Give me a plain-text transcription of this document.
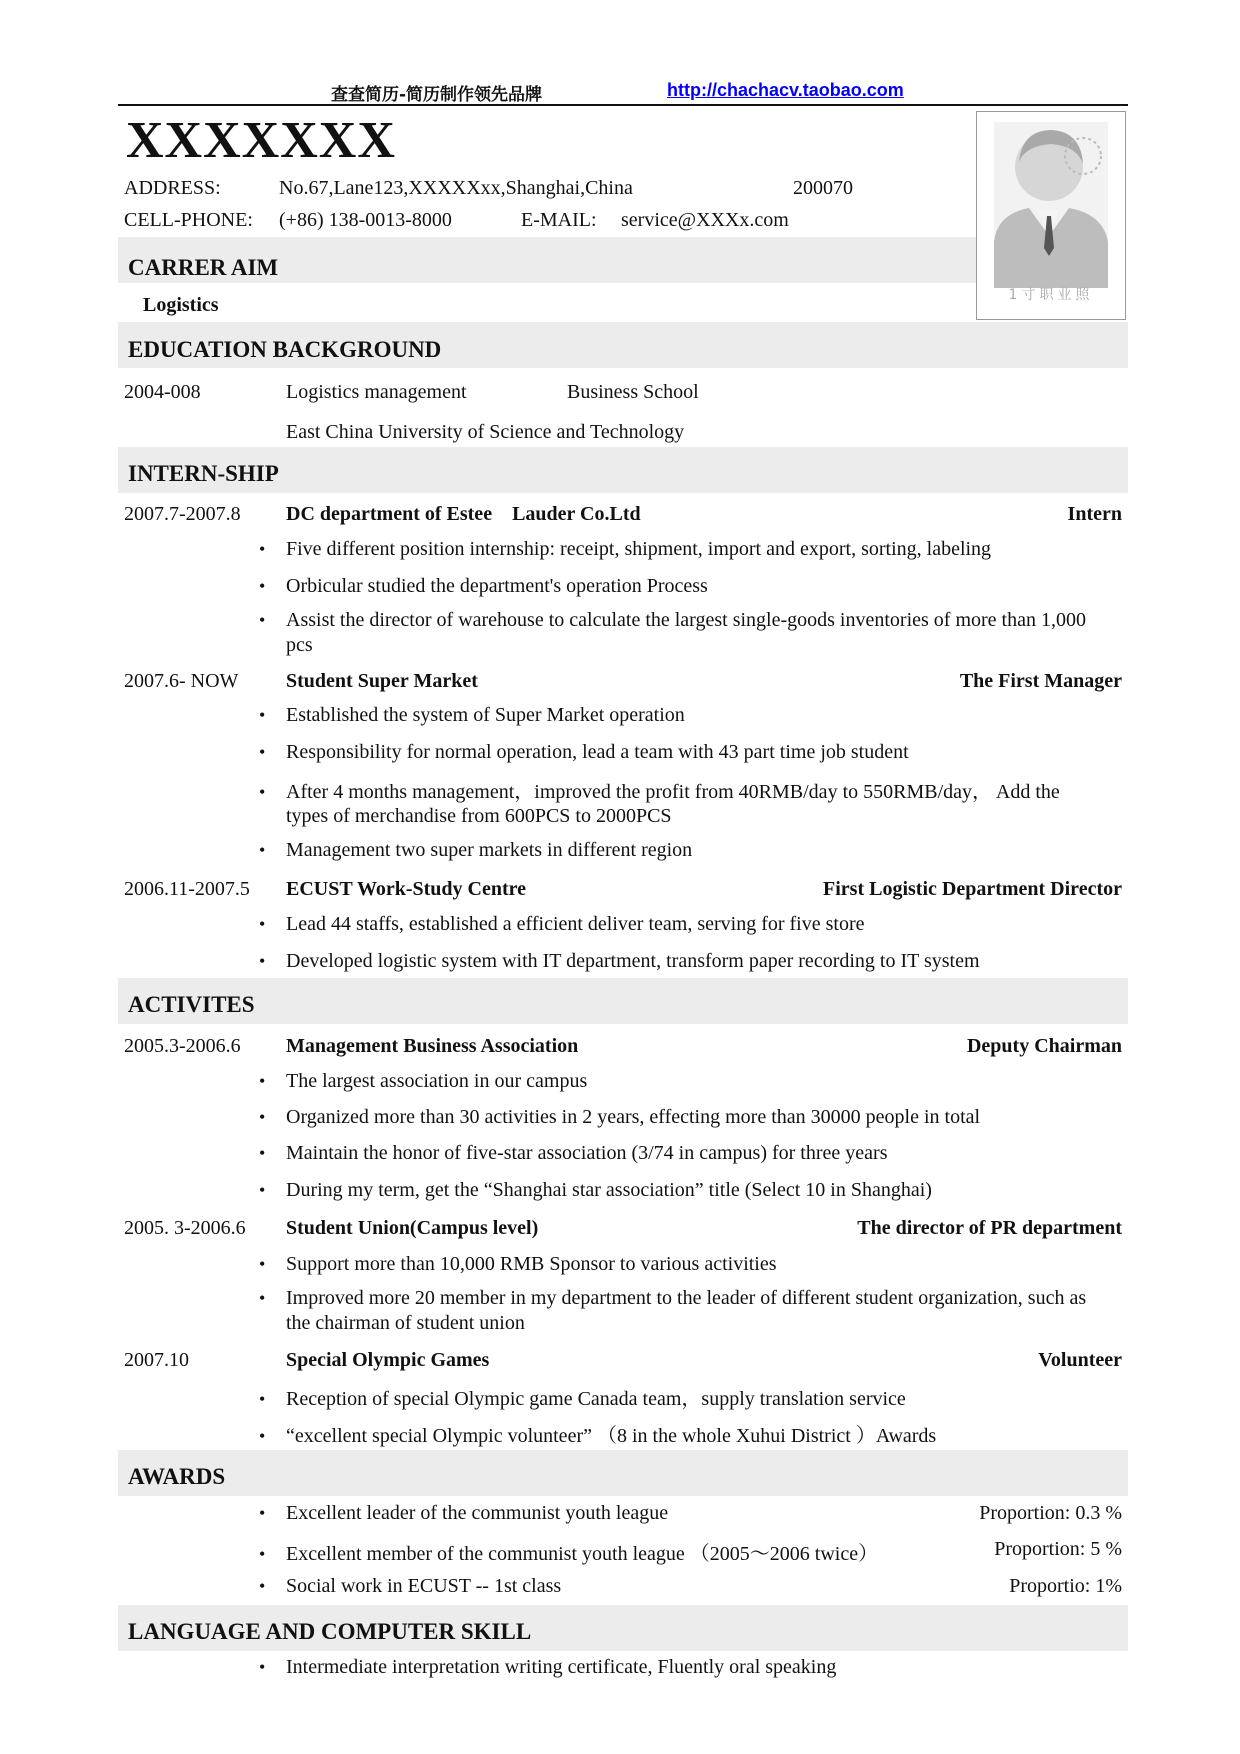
查查简历-简历制作领先品牌	http://chachacv.taobao.com
XXXXXXX
ADDRESS:	No.67,Lane123,XXXXXxx,Shanghai,China	200070
CELL-PHONE: (+86) 138-0013-8000	E-MAIL: service@XXXx.com
1寸职业照
CARRER AIM
Logistics
EDUCATION BACKGROUND
2004-008	Logistics management	Business School
East China University of Science and Technology
INTERN-SHIP
2007.7-2007.8 DC department of Estee    Lauder Co.Ltd	Intern
• Five different position internship: receipt, shipment, import and export, sorting, labeling
• Orbicular studied the department's operation Process
• Assist the director of warehouse to calculate the largest single-goods inventories of more than 1,000
pcs
2007.6- NOW Student Super Market	The First Manager
• Established the system of Super Market operation
• Responsibility for normal operation, lead a team with 43 part time job student
• After 4 months management，improved the profit from 40RMB/day to 550RMB/day， Add the
types of merchandise from 600PCS to 2000PCS
• Management two super markets in different region
2006.11-2007.5 ECUST Work-Study Centre	First Logistic Department Director
• Lead 44 staffs, established a efficient deliver team, serving for five store
• Developed logistic system with IT department, transform paper recording to IT system
ACTIVITES
2005.3-2006.6 Management Business Association	Deputy Chairman
• The largest association in our campus
• Organized more than 30 activities in 2 years, effecting more than 30000 people in total
• Maintain the honor of five-star association (3/74 in campus) for three years
• During my term, get the “Shanghai star association” title (Select 10 in Shanghai)
2005. 3-2006.6 Student Union(Campus level)	The director of PR department
• Support more than 10,000 RMB Sponsor to various activities
• Improved more 20 member in my department to the leader of different student organization, such as
the chairman of student union
2007.10	Special Olympic Games	Volunteer
• Reception of special Olympic game Canada team，supply translation service
• “excellent special Olympic volunteer” （8 in the whole Xuhui District ）Awards
AWARDS
• Excellent leader of the communist youth league	Proportion: 0.3 %
• Excellent member of the communist youth league （2005～2006 twice）	Proportion: 5 %
• Social work in ECUST -- 1st class	Proportio: 1%
LANGUAGE AND COMPUTER SKILL
• Intermediate interpretation writing certificate, Fluently oral speaking
